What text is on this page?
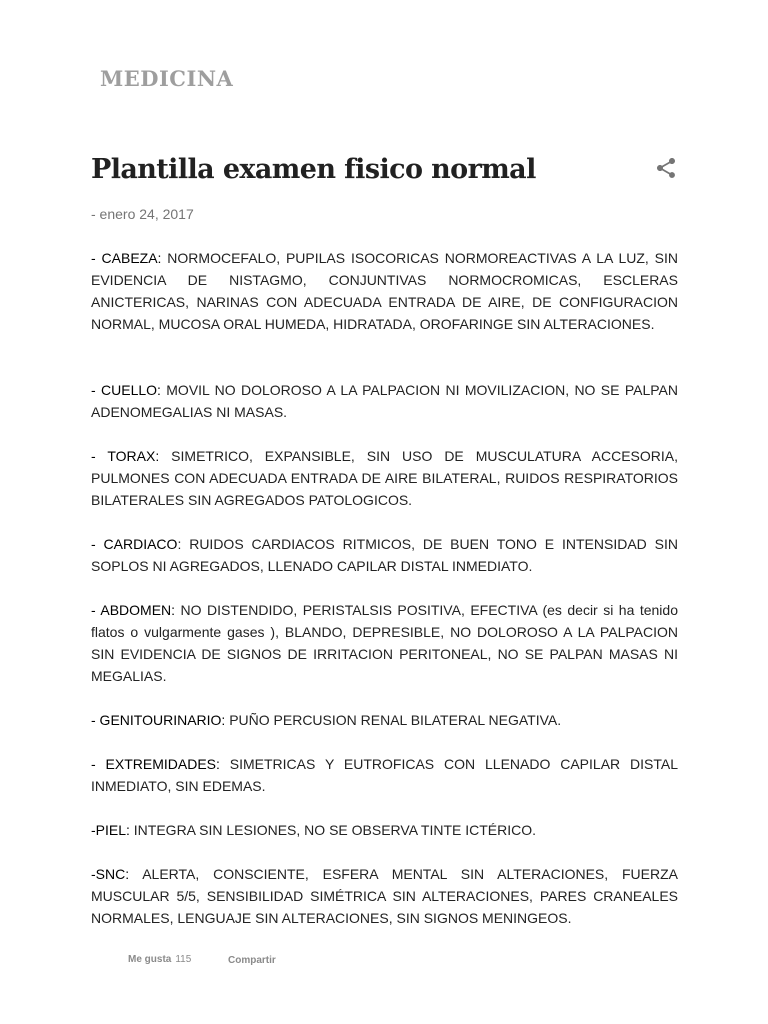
MEDICINA
Plantilla examen fisico normal
- enero 24, 2017

- CABEZA: NORMOCEFALO, PUPILAS ISOCORICAS NORMOREACTIVAS A LA LUZ, SIN EVIDENCIA DE NISTAGMO, CONJUNTIVAS NORMOCROMICAS, ESCLERAS ANICTERICAS, NARINAS CON ADECUADA ENTRADA DE AIRE, DE CONFIGURACION NORMAL, MUCOSA ORAL HUMEDA, HIDRATADA, OROFARINGE SIN ALTERACIONES.

- CUELLO: MOVIL NO DOLOROSO A LA PALPACION NI MOVILIZACION, NO SE PALPAN ADENOMEGALIAS NI MASAS.

- TORAX: SIMETRICO, EXPANSIBLE, SIN USO DE MUSCULATURA ACCESORIA, PULMONES CON ADECUADA ENTRADA DE AIRE BILATERAL, RUIDOS RESPIRATORIOS BILATERALES SIN AGREGADOS PATOLOGICOS.

- CARDIACO: RUIDOS CARDIACOS RITMICOS, DE BUEN TONO E INTENSIDAD SIN SOPLOS NI AGREGADOS, LLENADO CAPILAR DISTAL INMEDIATO.

- ABDOMEN: NO DISTENDIDO, PERISTALSIS POSITIVA, EFECTIVA (es decir si ha tenido flatos o vulgarmente gases ), BLANDO, DEPRESIBLE, NO DOLOROSO A LA PALPACION SIN EVIDENCIA DE SIGNOS DE IRRITACION PERITONEAL, NO SE PALPAN MASAS NI MEGALIAS.

- GENITOURINARIO: PUÑO PERCUSION RENAL BILATERAL NEGATIVA.

- EXTREMIDADES: SIMETRICAS Y EUTROFICAS CON LLENADO CAPILAR DISTAL INMEDIATO, SIN EDEMAS.

-PIEL: INTEGRA SIN LESIONES, NO SE OBSERVA TINTE ICTÉRICO.

-SNC: ALERTA, CONSCIENTE, ESFERA MENTAL SIN ALTERACIONES, FUERZA MUSCULAR 5/5, SENSIBILIDAD SIMÉTRICA SIN ALTERACIONES, PARES CRANEALES NORMALES, LENGUAJE SIN ALTERACIONES, SIN SIGNOS MENINGEOS.

Me gusta 115	Compartir
